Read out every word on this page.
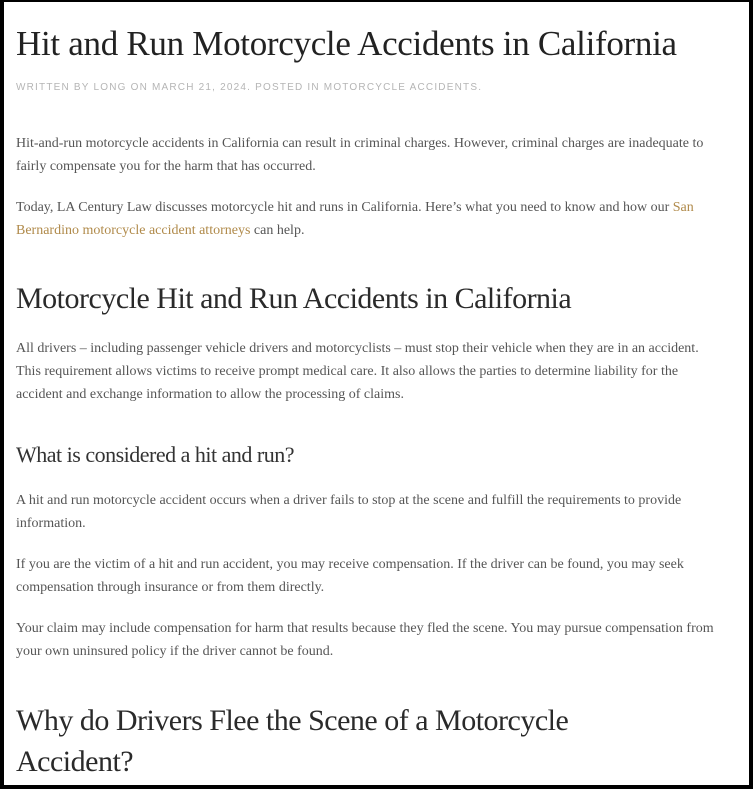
Hit and Run Motorcycle Accidents in California
WRITTEN BY LONG ON MARCH 21, 2024. POSTED IN MOTORCYCLE ACCIDENTS.

Hit-and-run motorcycle accidents in California can result in criminal charges. However, criminal charges are inadequate to fairly compensate you for the harm that has occurred.

Today, LA Century Law discusses motorcycle hit and runs in California. Here’s what you need to know and how our San Bernardino motorcycle accident attorneys can help.

Motorcycle Hit and Run Accidents in California

All drivers – including passenger vehicle drivers and motorcyclists – must stop their vehicle when they are in an accident. This requirement allows victims to receive prompt medical care. It also allows the parties to determine liability for the accident and exchange information to allow the processing of claims.

What is considered a hit and run?

A hit and run motorcycle accident occurs when a driver fails to stop at the scene and fulfill the requirements to provide information.

If you are the victim of a hit and run accident, you may receive compensation. If the driver can be found, you may seek compensation through insurance or from them directly.

Your claim may include compensation for harm that results because they fled the scene. You may pursue compensation from your own uninsured policy if the driver cannot be found.

Why do Drivers Flee the Scene of a Motorcycle Accident?
